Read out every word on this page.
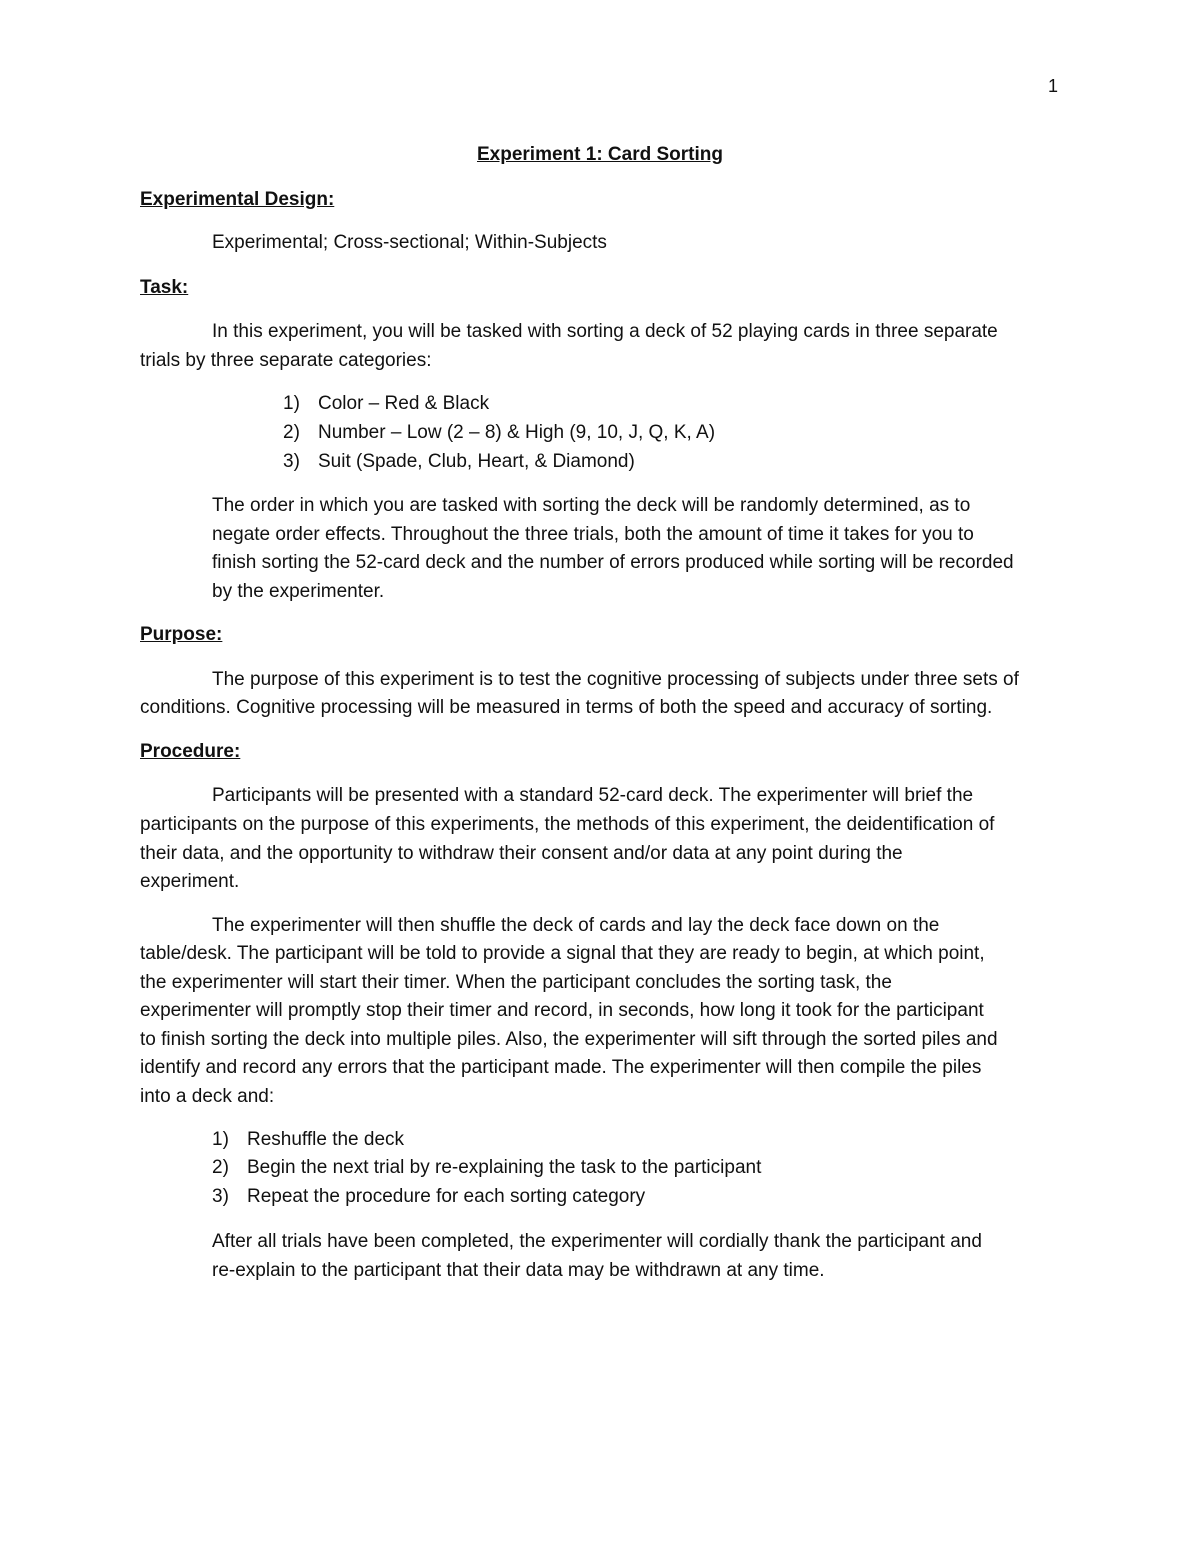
1
Experiment 1: Card Sorting
Experimental Design:
Experimental; Cross-sectional; Within-Subjects
Task:
In this experiment, you will be tasked with sorting a deck of 52 playing cards in three separate
trials by three separate categories:
1) Color – Red & Black
2) Number – Low (2 – 8) & High (9, 10, J, Q, K, A)
3) Suit (Spade, Club, Heart, & Diamond)
The order in which you are tasked with sorting the deck will be randomly determined, as to
negate order effects. Throughout the three trials, both the amount of time it takes for you to
finish sorting the 52-card deck and the number of errors produced while sorting will be recorded
by the experimenter.
Purpose:
The purpose of this experiment is to test the cognitive processing of subjects under three sets of
conditions. Cognitive processing will be measured in terms of both the speed and accuracy of sorting.
Procedure:
Participants will be presented with a standard 52-card deck. The experimenter will brief the
participants on the purpose of this experiments, the methods of this experiment, the deidentification of
their data, and the opportunity to withdraw their consent and/or data at any point during the
experiment.
The experimenter will then shuffle the deck of cards and lay the deck face down on the
table/desk. The participant will be told to provide a signal that they are ready to begin, at which point,
the experimenter will start their timer. When the participant concludes the sorting task, the
experimenter will promptly stop their timer and record, in seconds, how long it took for the participant
to finish sorting the deck into multiple piles. Also, the experimenter will sift through the sorted piles and
identify and record any errors that the participant made. The experimenter will then compile the piles
into a deck and:
1) Reshuffle the deck
2) Begin the next trial by re-explaining the task to the participant
3) Repeat the procedure for each sorting category
After all trials have been completed, the experimenter will cordially thank the participant and
re-explain to the participant that their data may be withdrawn at any time.
